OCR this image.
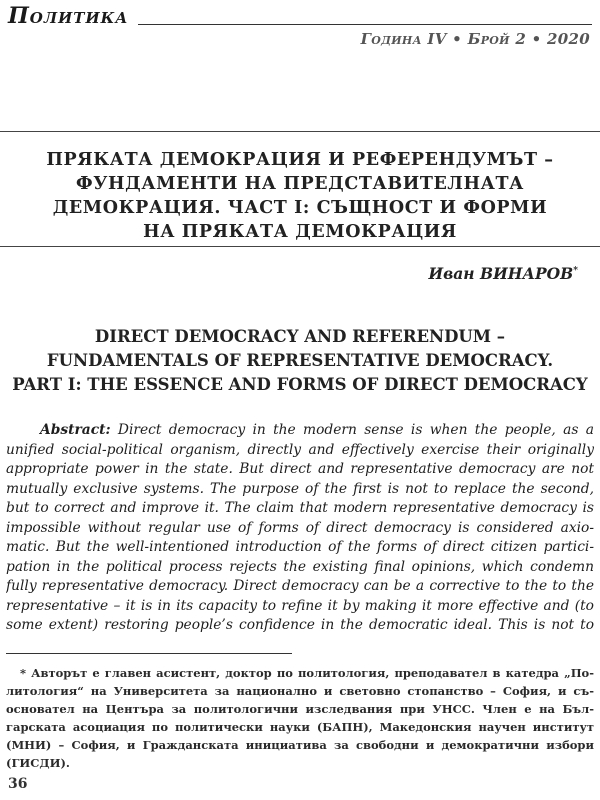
Политика
Година IV • Брой 2 • 2020
ПРЯКАТА ДЕМОКРАЦИЯ И РЕФЕРЕНДУМЪТ –
ФУНДАМЕНТИ НА ПРЕДСТАВИТЕЛНАТА
ДЕМОКРАЦИЯ. ЧАСТ I: СЪЩНОСТ И ФОРМИ
НА ПРЯКАТА ДЕМОКРАЦИЯ
Иван ВИНАРОВ*
DIRECT DEMOCRACY AND REFERENDUM –
FUNDAMENTALS OF REPRESENTATIVE DEMOCRACY.
PART I: THE ESSENCE AND FORMS OF DIRECT DEMOCRACY
Abstract: Direct democracy in the modern sense is when the people, as a
unified social-political organism, directly and effectively exercise their originally
appropriate power in the state. But direct and representative democracy are not
mutually exclusive systems. The purpose of the first is not to replace the second,
but to correct and improve it. The claim that modern representative democracy is
impossible without regular use of forms of direct democracy is considered axio-
matic. But the well-intentioned introduction of the forms of direct citizen partici-
pation in the political process rejects the existing final opinions, which condemn
fully representative democracy. Direct democracy can be a corrective to the to the
representative – it is in its capacity to refine it by making it more effective and (to
some extent) restoring people’s confidence in the democratic ideal. This is not to
* Авторът е главен асистент, доктор по политология, преподавател в катедра „По-
литология“ на Университета за национално и световно стопанство – София, и съ-
основател на Центъра за политологични изследвания при УНСС. Член е на Бъл-
гарската асоциация по политически науки (БАПН), Македонския научен институт
(МНИ) – София, и Гражданската инициатива за свободни и демократични избори
(ГИСДИ).
36
